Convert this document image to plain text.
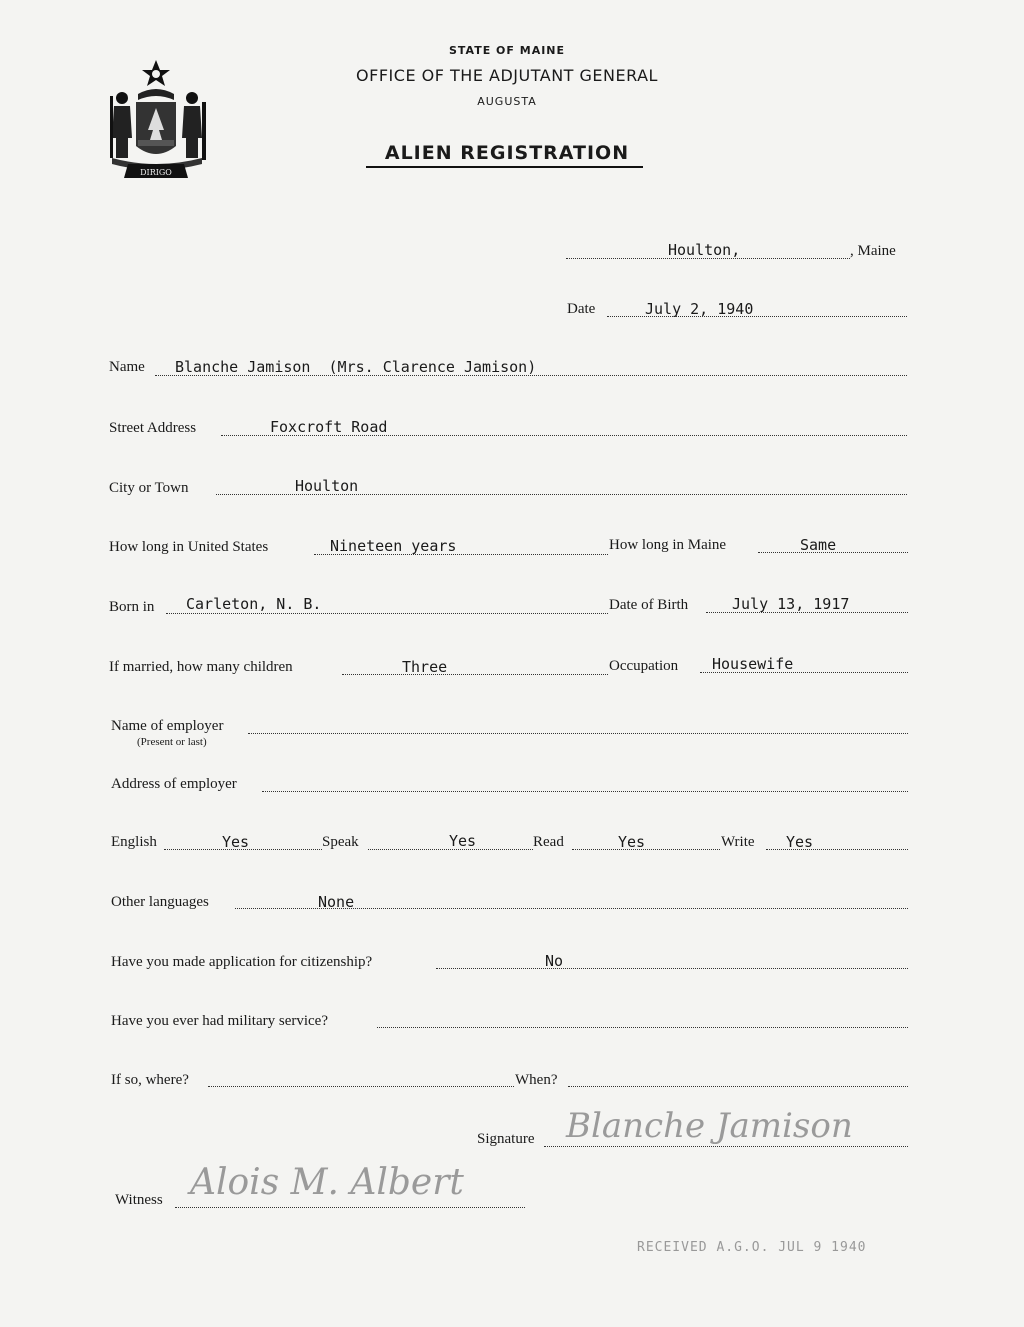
DIRIGO
STATE OF MAINE
OFFICE OF THE ADJUTANT GENERAL
AUGUSTA
ALIEN REGISTRATION
Houlton,	, Maine
Date	July 2, 1940
Name Blanche Jamison  (Mrs. Clarence Jamison)
Street Address	Foxcroft Road
City or Town	Houlton
How long in United States	Nineteen years	How long in Maine	Same
Born in Carleton, N. B.	Date of Birth	July 13, 1917
If married, how many children	Three	Occupation Housewife
Name of employer
(Present or last)
Address of employer
English	Yes	Speak	Yes	Read	Yes	Write Yes
Other languages	None
Have you made application for citizenship?	No
Have you ever had military service?
If so, where?	When?
Signature Blanche Jamison
Witness Alois M. Albert
RECEIVED A.G.O. JUL 9 1940
